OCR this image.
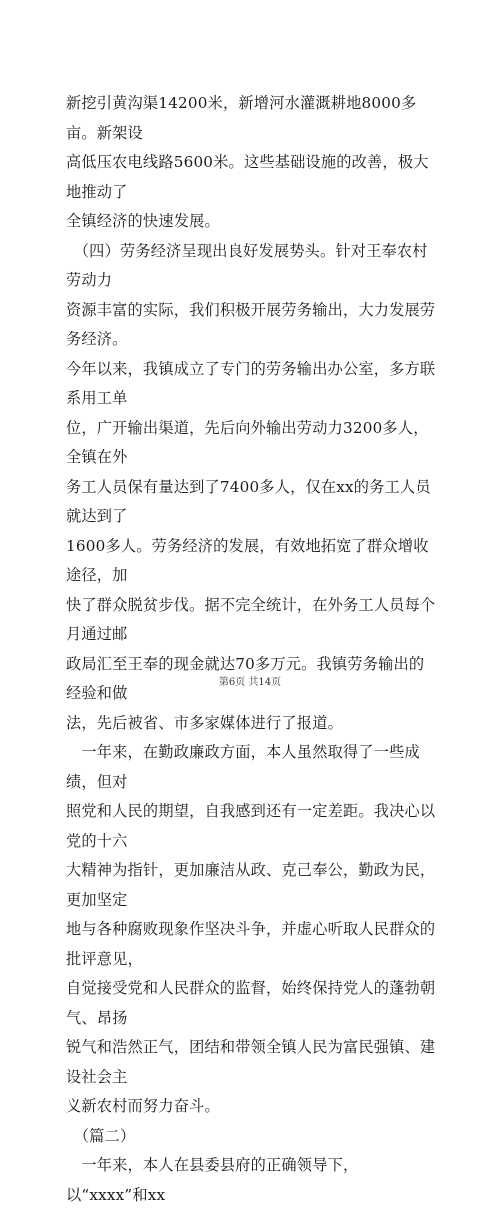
新挖引黄沟渠14200米，新增河水灌溉耕地8000多亩。新架设
高低压农电线路5600米。这些基础设施的改善，极大地推动了
全镇经济的快速发展。

　（四）劳务经济呈现出良好发展势头。针对王奉农村劳动力
资源丰富的实际，我们积极开展劳务输出，大力发展劳务经济。
今年以来，我镇成立了专门的劳务输出办公室，多方联系用工单
位，广开输出渠道，先后向外输出劳动力3200多人，全镇在外
务工人员保有量达到了7400多人，仅在xx的务工人员就达到了
1600多人。劳务经济的发展，有效地拓宽了群众增收途径，加
快了群众脱贫步伐。据不完全统计，在外务工人员每个月通过邮
政局汇至王奉的现金就达70多万元。我镇劳务输出的经验和做
法，先后被省、市多家媒体进行了报道。

　一年来，在勤政廉政方面，本人虽然取得了一些成绩，但对
照党和人民的期望，自我感到还有一定差距。我决心以党的十六
大精神为指针，更加廉洁从政、克己奉公，勤政为民，更加坚定
地与各种腐败现象作坚决斗争，并虚心听取人民群众的批评意见，
自觉接受党和人民群众的监督，始终保持党人的蓬勃朝气、昂扬
锐气和浩然正气，团结和带领全镇人民为富民强镇、建设社会主
义新农村而努力奋斗。

　（篇二）

　一年来，本人在县委县府的正确领导下，以“xxxx”和xx

第6页 共14页
